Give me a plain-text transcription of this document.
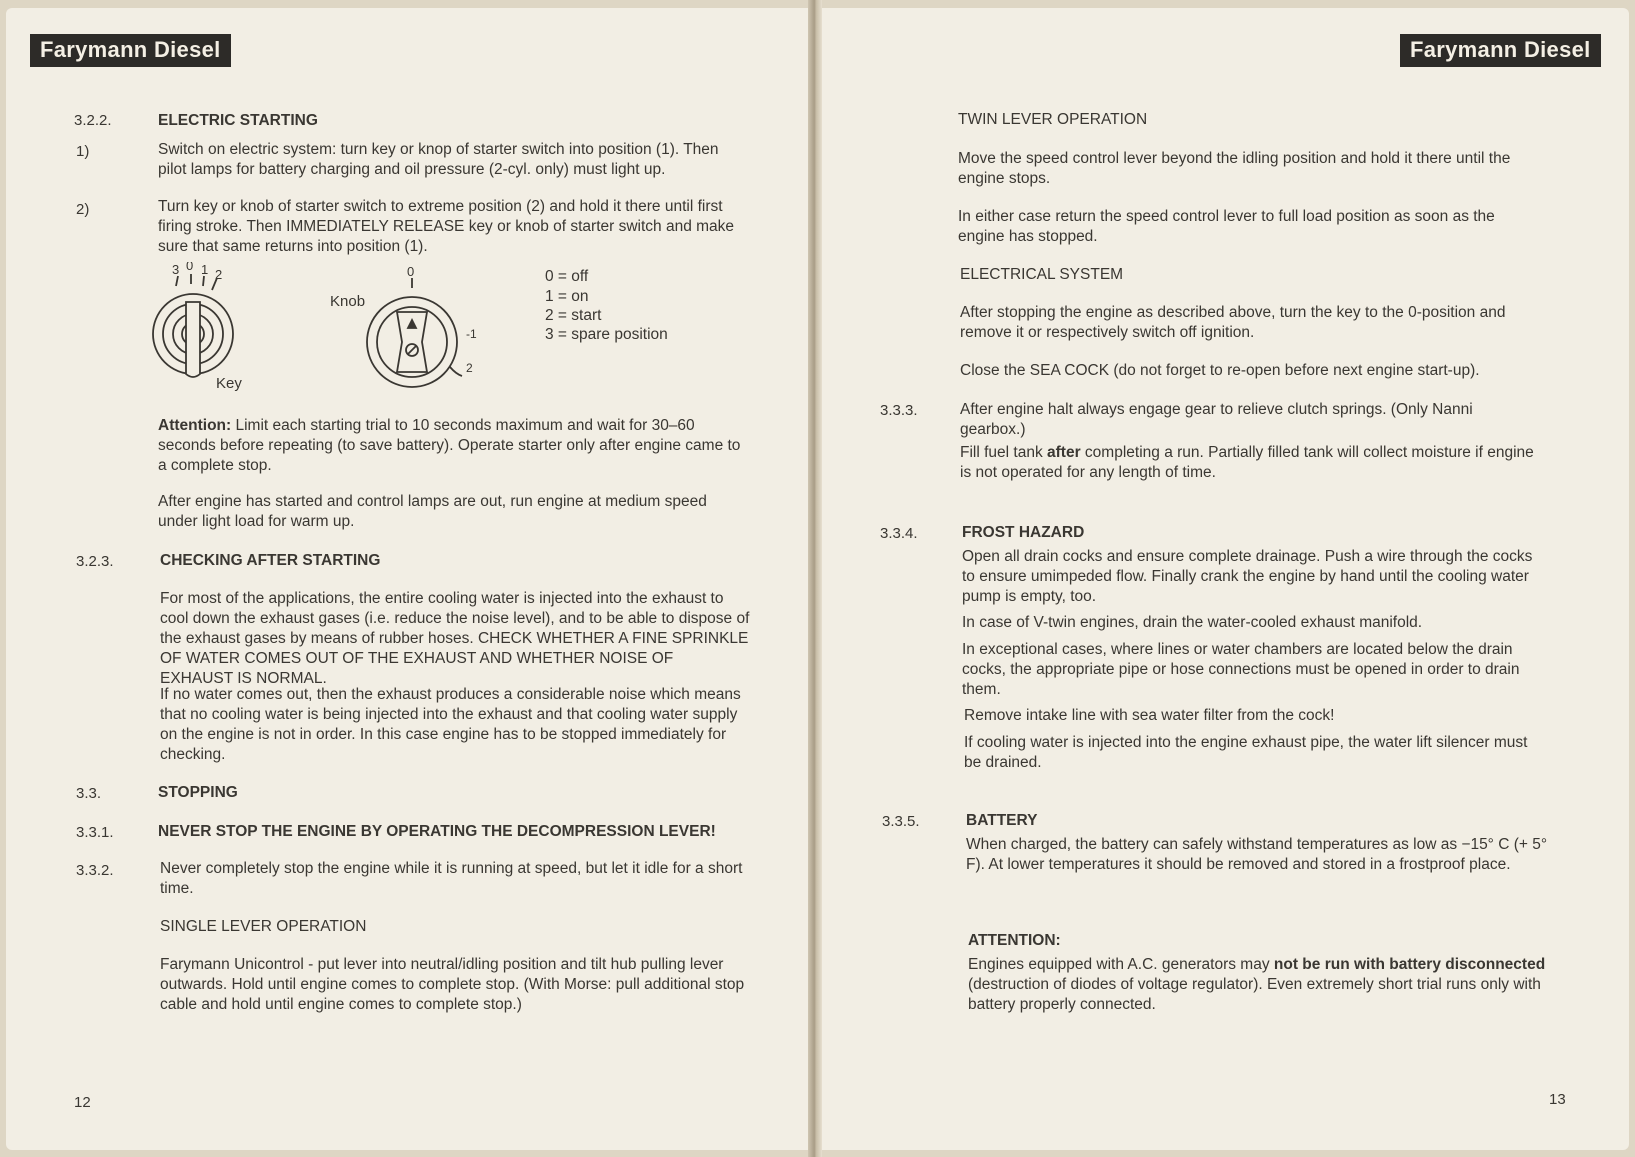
Farymann Diesel
3.2.2.	ELECTRIC STARTING
1)	Switch on electric system: turn key or knop of starter switch into position (1). Then pilot lamps for battery charging and oil pressure (2-cyl. only) must light up.
2)	Turn key or knob of starter switch to extreme position (2) and hold it there until first firing stroke. Then IMMEDIATELY RELEASE key or knob of starter switch and make sure that same returns into position (1).
3 0 1 2
Key
0
-1
2
Knob
0 = off
1 = on
2 = start
3 = spare position
Attention: Limit each starting trial to 10 seconds maximum and wait for 30–60 seconds before repeating (to save battery). Operate starter only after engine came to a complete stop.
After engine has started and control lamps are out, run engine at medium speed under light load for warm up.
3.2.3.	CHECKING AFTER STARTING
For most of the applications, the entire cooling water is injected into the exhaust to cool down the exhaust gases (i.e. reduce the noise level), and to be able to dispose of the exhaust gases by means of rubber hoses. CHECK WHETHER A FINE SPRINKLE OF WATER COMES OUT OF THE EXHAUST AND WHETHER NOISE OF EXHAUST IS NORMAL.
If no water comes out, then the exhaust produces a considerable noise which means that no cooling water is being injected into the exhaust and that cooling water supply on the engine is not in order. In this case engine has to be stopped immediately for checking.
3.3.	STOPPING
3.3.1.	NEVER STOP THE ENGINE BY OPERATING THE DECOMPRESSION LEVER!
3.3.2.	Never completely stop the engine while it is running at speed, but let it idle for a short time.
SINGLE LEVER OPERATION
Farymann Unicontrol - put lever into neutral/idling position and tilt hub pulling lever outwards. Hold until engine comes to complete stop. (With Morse: pull additional stop cable and hold until engine comes to complete stop.)
12
Farymann Diesel
TWIN LEVER OPERATION
Move the speed control lever beyond the idling position and hold it there until the engine stops.
In either case return the speed control lever to full load position as soon as the engine has stopped.
ELECTRICAL SYSTEM
After stopping the engine as described above, turn the key to the 0-position and remove it or respectively switch off ignition.
Close the SEA COCK (do not forget to re-open before next engine start-up).
3.3.3.	After engine halt always engage gear to relieve clutch springs. (Only Nanni gearbox.)
Fill fuel tank after completing a run. Partially filled tank will collect moisture if engine is not operated for any length of time.
3.3.4.	FROST HAZARD
Open all drain cocks and ensure complete drainage. Push a wire through the cocks to ensure umimpeded flow. Finally crank the engine by hand until the cooling water pump is empty, too.
In case of V-twin engines, drain the water-cooled exhaust manifold.
In exceptional cases, where lines or water chambers are located below the drain cocks, the appropriate pipe or hose connections must be opened in order to drain them.
Remove intake line with sea water filter from the cock!
If cooling water is injected into the engine exhaust pipe, the water lift silencer must be drained.
3.3.5.	BATTERY
When charged, the battery can safely withstand temperatures as low as −15° C (+ 5° F). At lower temperatures it should be removed and stored in a frostproof place.
ATTENTION:
Engines equipped with A.C. generators may not be run with battery disconnected (destruction of diodes of voltage regulator). Even extremely short trial runs only with battery properly connected.
13
